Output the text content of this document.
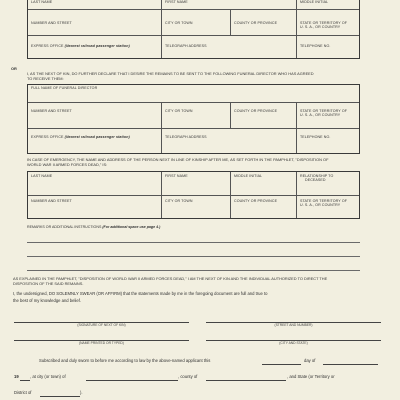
LAST NAME	FIRST NAME	MIDDLE INITIAL
NUMBER AND STREET	CITY OR TOWN	COUNTY OR PROVINCE	STATE OR TERRITORY OF
U. S. A., OR COUNTRY
EXPRESS OFFICE (Nearest railroad passenger station)	TELEGRAPH ADDRESS	TELEPHONE NO.
OR
I, AS THE NEXT OF KIN, DO FURTHER DECLARE THAT I DESIRE THE REMAINS TO BE SENT TO THE FOLLOWING FUNERAL DIRECTOR WHO HAS AGREED
TO RECEIVE THEM:
FULL NAME OF FUNERAL DIRECTOR
NUMBER AND STREET	CITY OR TOWN	COUNTY OR PROVINCE	STATE OR TERRITORY OF
U. S. A., OR COUNTRY
EXPRESS OFFICE (Nearest railroad passenger station)	TELEGRAPH ADDRESS	TELEPHONE NO.
IN CASE OF EMERGENCY, THE NAME AND ADDRESS OF THE PERSON NEXT IN LINE OF KINSHIP AFTER ME, AS SET FORTH IN THE PAMPHLET, "DISPOSITION OF
WORLD WAR II ARMED FORCES DEAD," IS:
LAST NAME	FIRST NAME	MIDDLE INITIAL	RELATIONSHIP TO
DECEASED
NUMBER AND STREET	CITY OR TOWN	COUNTY OR PROVINCE	STATE OR TERRITORY OF
U. S. A., OR COUNTRY
REMARKS OR ADDITIONAL INSTRUCTIONS (For additional space use page 4.)
AS EXPLAINED IN THE PAMPHLET, "DISPOSITION OF WORLD WAR II ARMED FORCES DEAD," I AM THE NEXT OF KIN AND THE INDIVIDUAL AUTHORIZED TO DIRECT THE
DISPOSITION OF THE SAID REMAINS.
I, the undersigned, DO SOLEMNLY SWEAR (OR AFFIRM) that the statements made by me in the foregoing document are full and true to
the best of my knowledge and belief.
(SIGNATURE OF NEXT OF KIN)	(STREET AND NUMBER)
(NAME PRINTED OR TYPED)	(CITY AND STATE)
Subscribed and duly sworn to before me according to law by the above-named applicant this	day of
19	, at city (or town) of	, county of	, and State (or Territory or
District of	).
